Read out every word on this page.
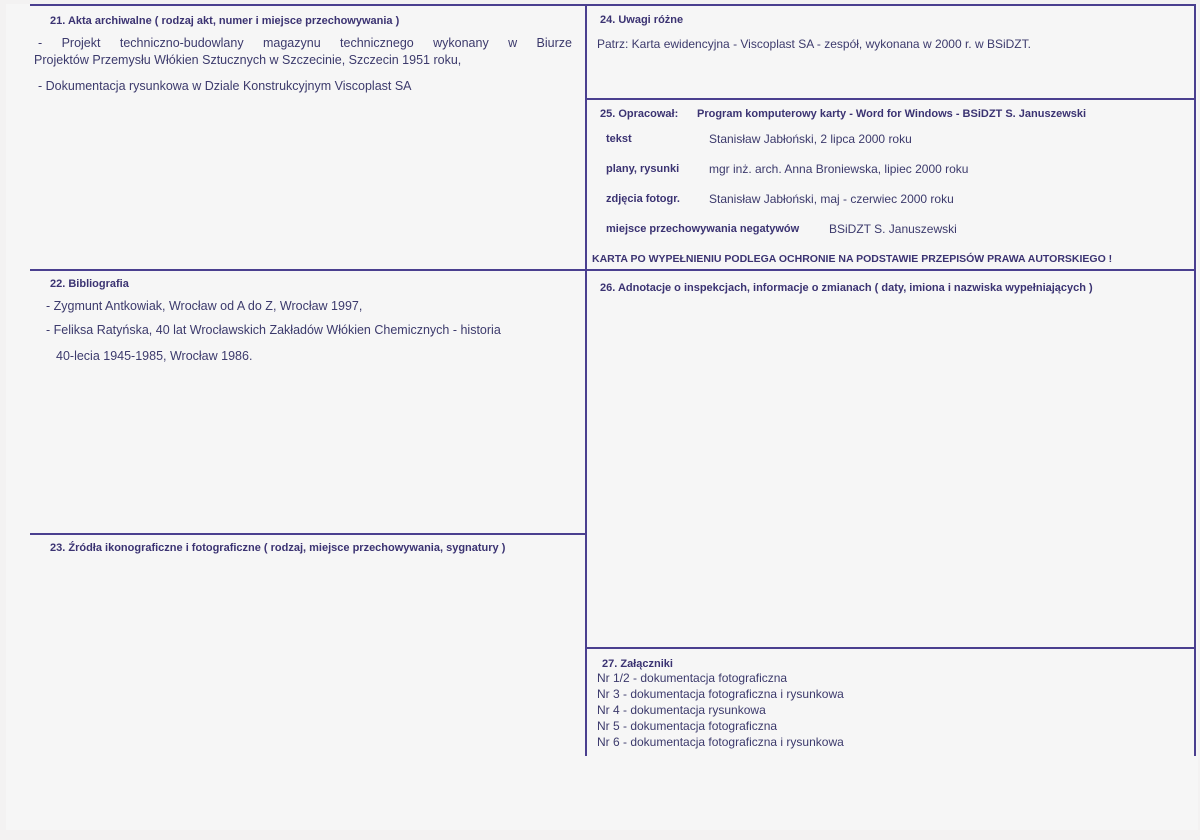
21. Akta archiwalne ( rodzaj akt, numer i miejsce przechowywania )
- Projekt techniczno-budowlany magazynu technicznego wykonany w Biurze
Projektów Przemysłu Włókien Sztucznych w Szczecinie, Szczecin 1951 roku,
- Dokumentacja rysunkowa w Dziale Konstrukcyjnym Viscoplast SA
22. Bibliografia
- Zygmunt Antkowiak, Wrocław od A do Z, Wrocław 1997,
- Feliksa Ratyńska, 40 lat Wrocławskich Zakładów Włókien Chemicznych - historia
40-lecia 1945-1985, Wrocław 1986.
23. Źródła ikonograficzne i fotograficzne ( rodzaj, miejsce przechowywania, sygnatury )
24. Uwagi różne
Patrz: Karta ewidencyjna - Viscoplast SA - zespół, wykonana w 2000 r. w BSiDZT.
25. Opracował: Program komputerowy karty - Word for Windows - BSiDZT S. Januszewski
tekst	Stanisław Jabłoński, 2 lipca 2000 roku
plany, rysunki mgr inż. arch. Anna Broniewska, lipiec 2000 roku
zdjęcia fotogr. Stanisław Jabłoński, maj - czerwiec 2000 roku
miejsce przechowywania negatywów BSiDZT S. Januszewski
KARTA PO WYPEŁNIENIU PODLEGA OCHRONIE NA PODSTAWIE PRZEPISÓW PRAWA AUTORSKIEGO !
26. Adnotacje o inspekcjach, informacje o zmianach ( daty, imiona i nazwiska wypełniających )
27. Załączniki
Nr 1/2 - dokumentacja fotograficzna
Nr 3 - dokumentacja fotograficzna i rysunkowa
Nr 4 - dokumentacja rysunkowa
Nr 5 - dokumentacja fotograficzna
Nr 6 - dokumentacja fotograficzna i rysunkowa
